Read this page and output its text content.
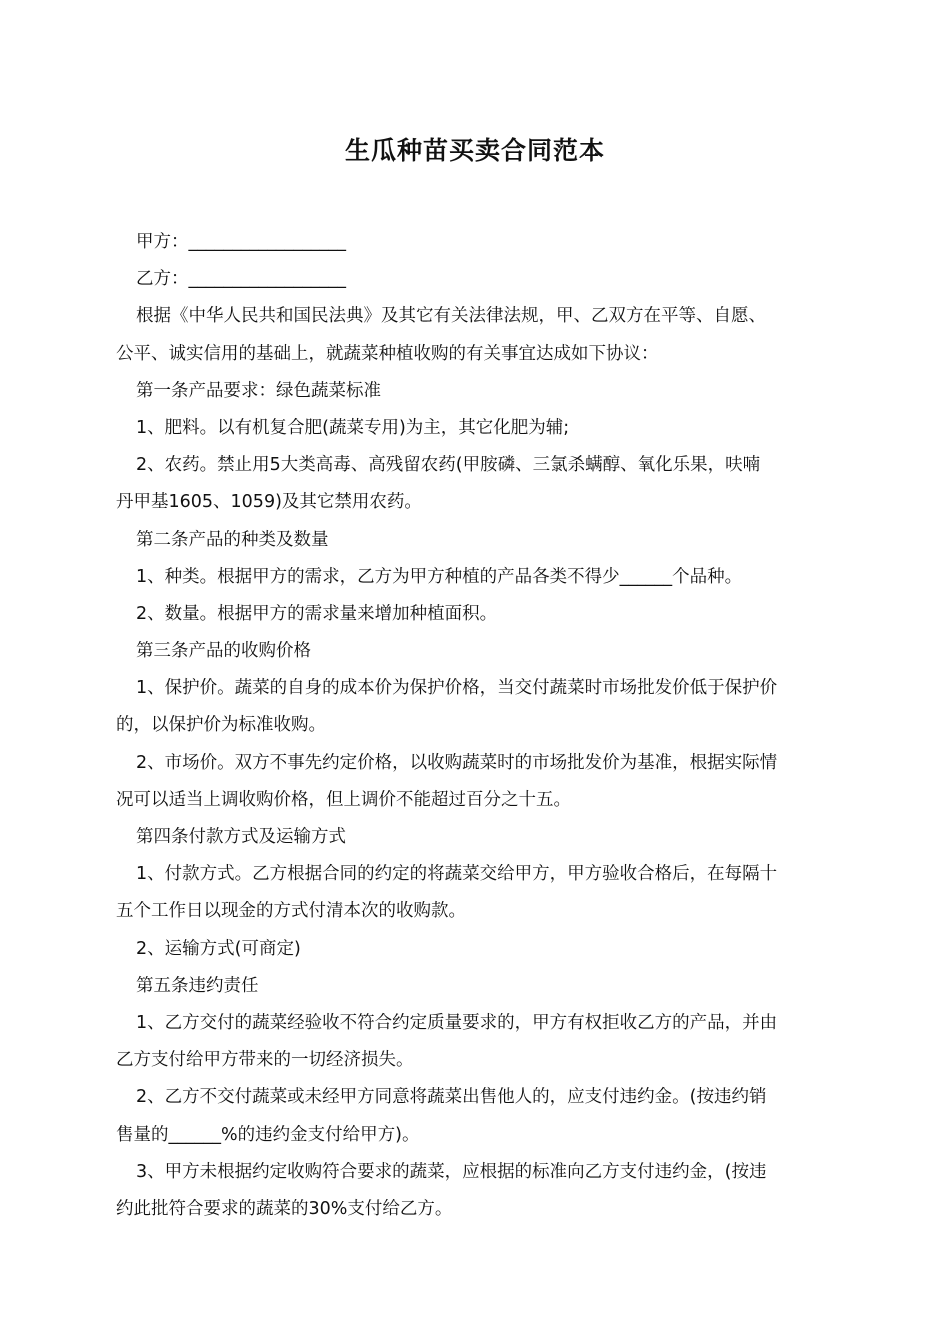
生瓜种苗买卖合同范本

甲方：__________________

乙方：__________________

根据《中华人民共和国民法典》及其它有关法律法规，甲、乙双方在平等、自愿、

公平、诚实信用的基础上，就蔬菜种植收购的有关事宜达成如下协议：

第一条产品要求：绿色蔬菜标准

1、肥料。以有机复合肥(蔬菜专用)为主，其它化肥为辅;

2、农药。禁止用5大类高毒、高残留农药(甲胺磷、三氯杀螨醇、氧化乐果，呋喃

丹甲基1605、1059)及其它禁用农药。

第二条产品的种类及数量

1、种类。根据甲方的需求，乙方为甲方种植的产品各类不得少______个品种。

2、数量。根据甲方的需求量来增加种植面积。

第三条产品的收购价格

1、保护价。蔬菜的自身的成本价为保护价格，当交付蔬菜时市场批发价低于保护价

的，以保护价为标准收购。

2、市场价。双方不事先约定价格，以收购蔬菜时的市场批发价为基准，根据实际情

况可以适当上调收购价格，但上调价不能超过百分之十五。

第四条付款方式及运输方式

1、付款方式。乙方根据合同的约定的将蔬菜交给甲方，甲方验收合格后，在每隔十

五个工作日以现金的方式付清本次的收购款。

2、运输方式(可商定)

第五条违约责任

1、乙方交付的蔬菜经验收不符合约定质量要求的，甲方有权拒收乙方的产品，并由

乙方支付给甲方带来的一切经济损失。

2、乙方不交付蔬菜或未经甲方同意将蔬菜出售他人的，应支付违约金。(按违约销

售量的______%的违约金支付给甲方)。

3、甲方未根据约定收购符合要求的蔬菜，应根据的标准向乙方支付违约金，(按违

约此批符合要求的蔬菜的30%支付给乙方。
